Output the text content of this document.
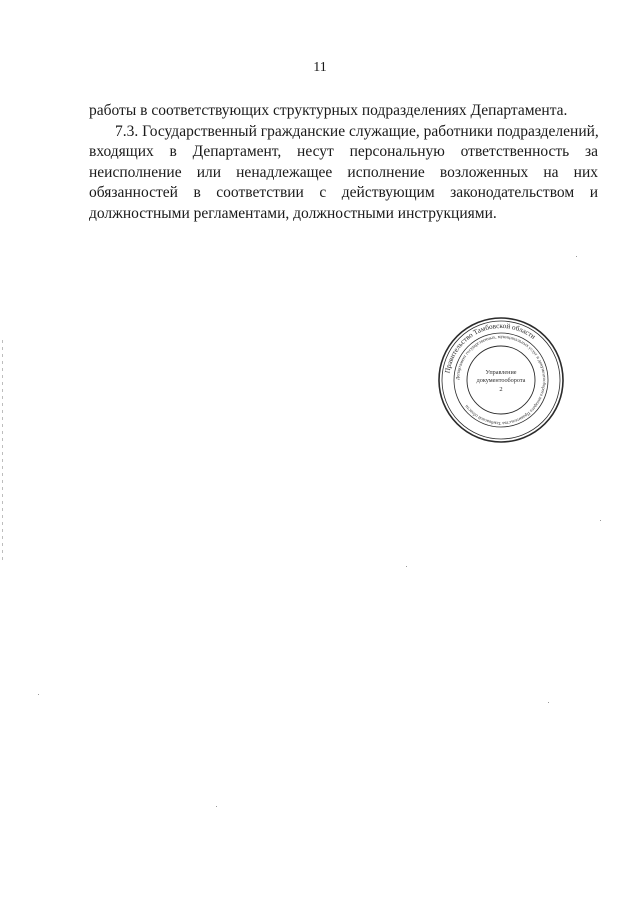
11
работы в соответствующих структурных подразделениях Департамента.
7.3. Государственный гражданские служащие, работники подразделений,
входящих в Департамент, несут персональную ответственность за
неисполнение или ненадлежащее исполнение возложенных на них
обязанностей в соответствии с действующим законодательством и
должностными регламентами, должностными инструкциями.
Правительство Тамбовской области
Департамент государственных, муниципальных услуг и документооборота аппарата Правительства Тамбовской области
Управление
документооборота
2
